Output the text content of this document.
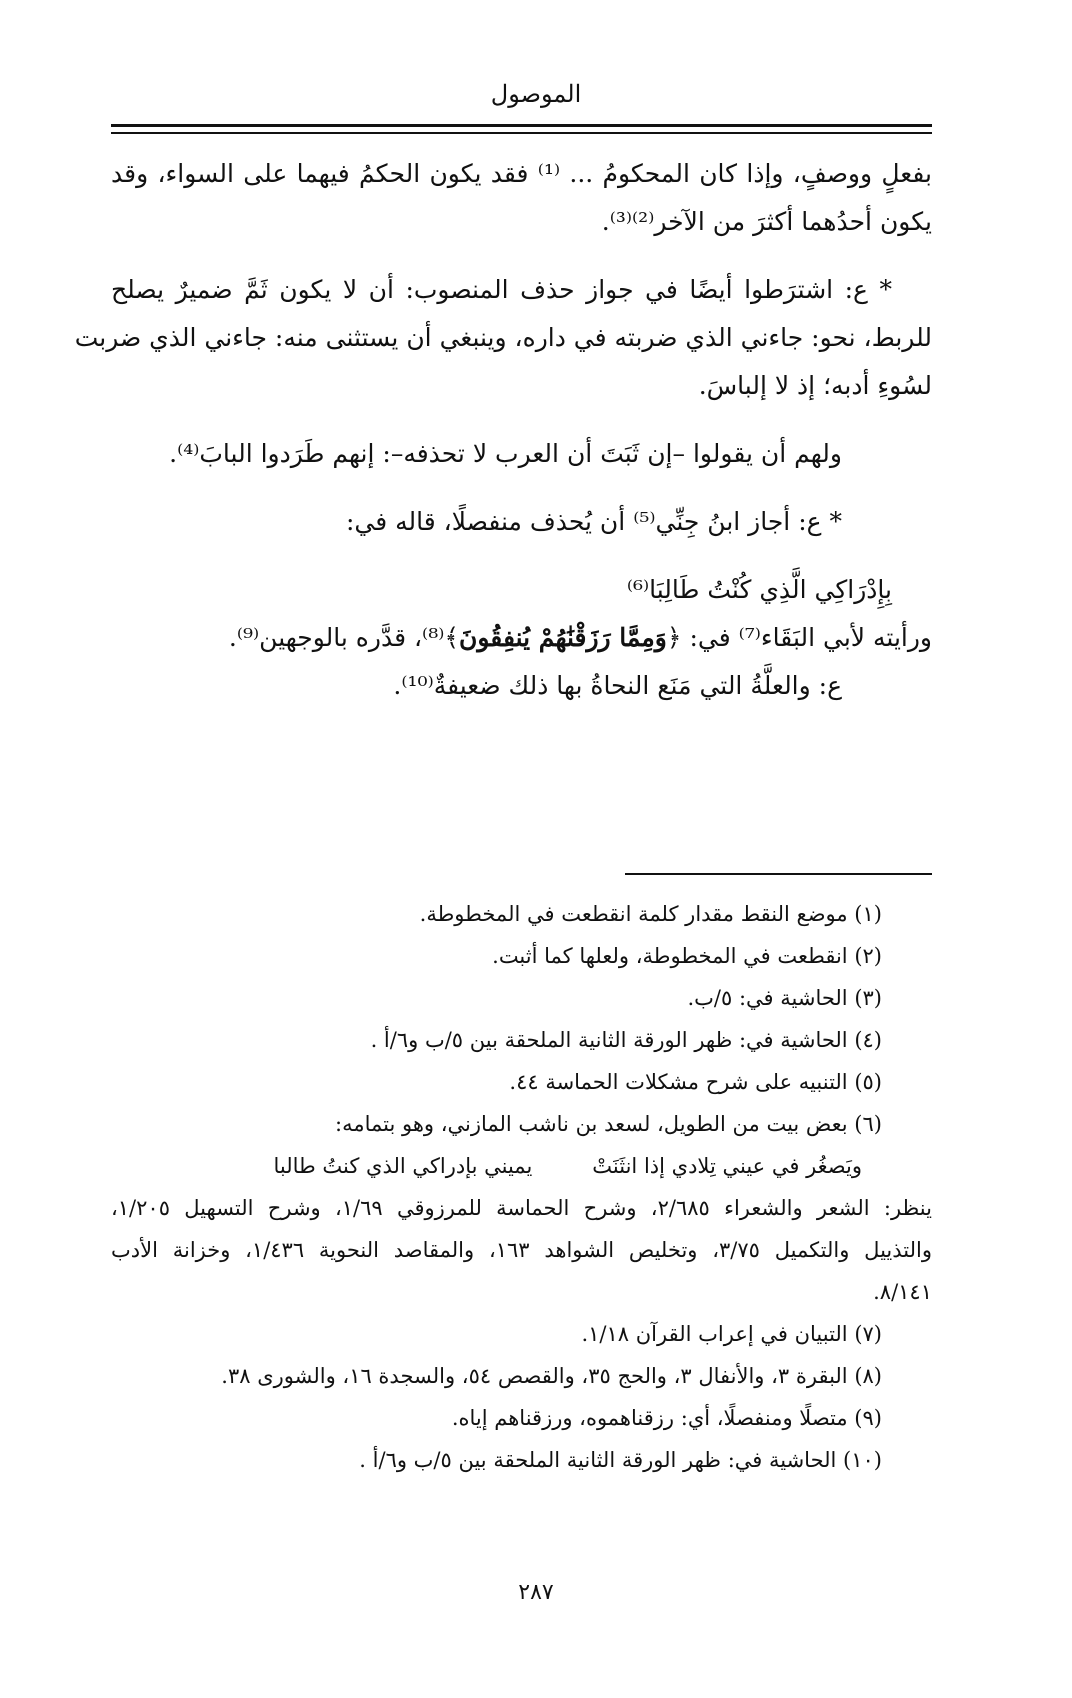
الموصول
بفعلٍ ووصفٍ، وإذا كان المحكومُ ... ⁽¹⁾ فقد يكون الحكمُ فيهما على السواء، وقد
يكون أحدُهما أكثرَ من الآخر⁽²⁾⁽³⁾.
* ع: اشترَطوا أيضًا في جواز حذف المنصوب: أن لا يكون ثَمَّ ضميرٌ يصلح
للربط، نحو: جاءني الذي ضربته في داره، وينبغي أن يستثنى منه: جاءني الذي ضربت
لسُوءِ أدبه؛ إذ لا إلباسَ.
ولهم أن يقولوا –إن ثَبَتَ أن العرب لا تحذفه–: إنهم طَرَدوا البابَ⁽⁴⁾.
* ع: أجاز ابنُ جِنِّي⁽⁵⁾ أن يُحذف منفصلًا، قاله في:
بِإِدْرَاكِي الَّذِي كُنْتُ طَالِبَا⁽⁶⁾
ورأيته لأبي البَقَاء⁽⁷⁾ في: ﴿وَمِمَّا رَزَقْنَٰهُمْ يُنفِقُونَ﴾⁽⁸⁾، قدَّره بالوجهين⁽⁹⁾.
ع: والعلَّةُ التي مَنَع النحاةُ بها ذلك ضعيفةٌ⁽¹⁰⁾.
(١) موضع النقط مقدار كلمة انقطعت في المخطوطة.
(٢) انقطعت في المخطوطة، ولعلها كما أثبت.
(٣) الحاشية في: ٥/ب.
(٤) الحاشية في: ظهر الورقة الثانية الملحقة بين ٥/ب و٦/أ .
(٥) التنبيه على شرح مشكلات الحماسة ٤٤.
(٦) بعض بيت من الطويل، لسعد بن ناشب المازني، وهو بتمامه:
ويَصغُر في عيني تِلادي إذا انثَنَتْ
يميني بإدراكي الذي كنتُ طالبا
ينظر: الشعر والشعراء ٢/٦٨٥، وشرح الحماسة للمرزوقي ١/٦٩، وشرح التسهيل ١/٢٠٥،
والتذييل والتكميل ٣/٧٥، وتخليص الشواهد ١٦٣، والمقاصد النحوية ١/٤٣٦، وخزانة الأدب
٨/١٤١.
(٧) التبيان في إعراب القرآن ١/١٨.
(٨) البقرة ٣، والأنفال ٣، والحج ٣٥، والقصص ٥٤، والسجدة ١٦، والشورى ٣٨.
(٩) متصلًا ومنفصلًا، أي: رزقناهموه، ورزقناهم إياه.
(١٠) الحاشية في: ظهر الورقة الثانية الملحقة بين ٥/ب و٦/أ .
٢٨٧
